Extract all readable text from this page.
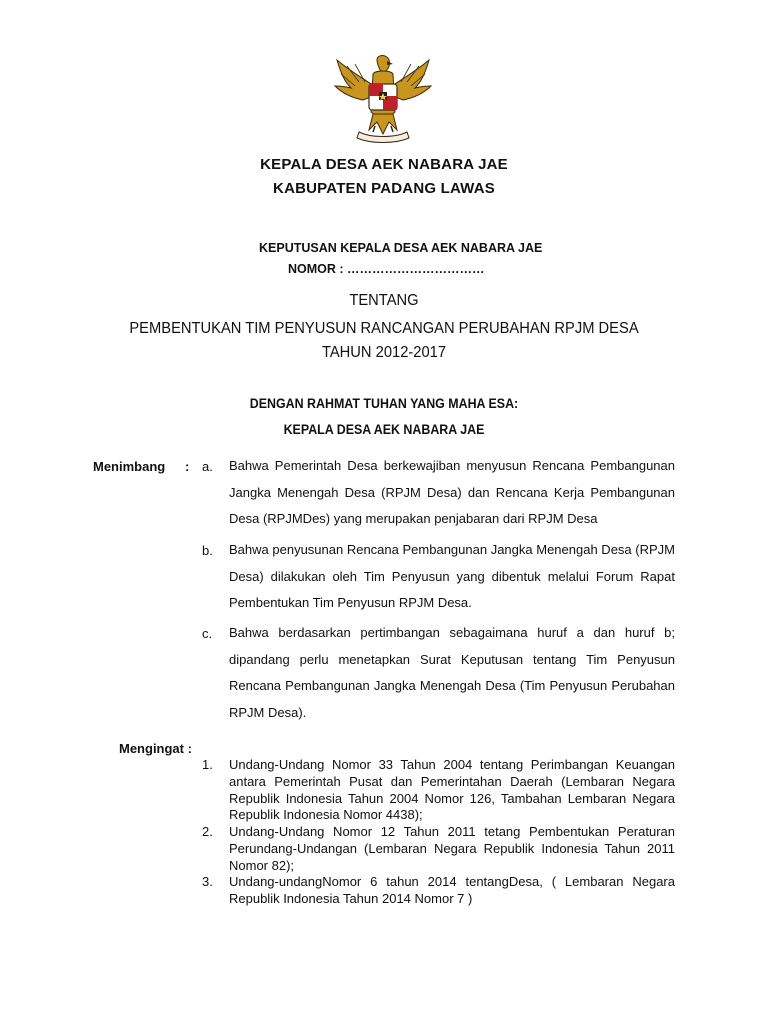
KEPALA DESA AEK NABARA JAE
KABUPATEN PADANG LAWAS
KEPUTUSAN KEPALA DESA AEK NABARA JAE
NOMOR : ……………………………
TENTANG
PEMBENTUKAN TIM PENYUSUN RANCANGAN PERUBAHAN RPJM DESA
TAHUN 2012-2017
DENGAN RAHMAT TUHAN YANG MAHA ESA:
KEPALA DESA AEK NABARA JAE
Menimbang : a. Bahwa Pemerintah Desa berkewajiban menyusun Rencana Pembangunan Jangka Menengah Desa (RPJM Desa) dan Rencana Kerja Pembangunan Desa (RPJMDes) yang merupakan penjabaran dari RPJM Desa
b. Bahwa penyusunan Rencana Pembangunan Jangka Menengah Desa (RPJM Desa) dilakukan oleh Tim Penyusun yang dibentuk melalui Forum Rapat Pembentukan Tim Penyusun RPJM Desa.
c. Bahwa berdasarkan pertimbangan sebagaimana huruf a dan huruf b; dipandang perlu menetapkan Surat Keputusan tentang Tim Penyusun Rencana Pembangunan Jangka Menengah Desa (Tim Penyusun Perubahan RPJM Desa).
Mengingat :
1. Undang-Undang Nomor 33 Tahun 2004 tentang Perimbangan Keuangan antara Pemerintah Pusat dan Pemerintahan Daerah (Lembaran Negara Republik Indonesia Tahun 2004 Nomor 126, Tambahan Lembaran Negara Republik Indonesia Nomor 4438);
2. Undang-Undang Nomor 12 Tahun 2011 tetang Pembentukan Peraturan Perundang-Undangan (Lembaran Negara Republik Indonesia Tahun 2011 Nomor 82);
3. Undang-undangNomor 6 tahun 2014 tentangDesa, ( Lembaran Negara Republik Indonesia Tahun 2014 Nomor 7 )
